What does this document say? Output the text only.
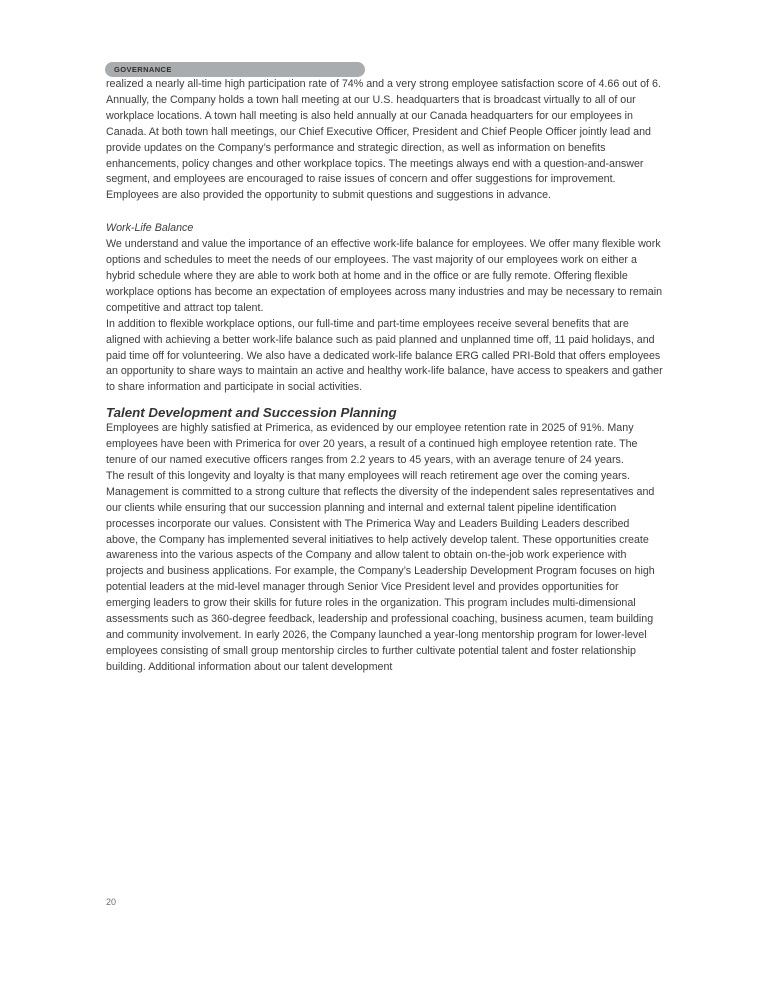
GOVERNANCE

realized a nearly all-time high participation rate of 74% and a very strong employee satisfaction score of 4.66 out of 6.

Annually, the Company holds a town hall meeting at our U.S. headquarters that is broadcast virtually to all of our workplace locations. A town hall meeting is also held annually at our Canada headquarters for our employees in Canada. At both town hall meetings, our Chief Executive Officer, President and Chief People Officer jointly lead and provide updates on the Company’s performance and strategic direction, as well as information on benefits enhancements, policy changes and other workplace topics. The meetings always end with a question-and-answer segment, and employees are encouraged to raise issues of concern and offer suggestions for improvement. Employees are also provided the opportunity to submit questions and suggestions in advance.

Work-Life Balance

We understand and value the importance of an effective work-life balance for employees. We offer many flexible work options and schedules to meet the needs of our employees. The vast majority of our employees work on either a hybrid schedule where they are able to work both at home and in the office or are fully remote. Offering flexible workplace options has become an expectation of employees across many industries and may be necessary to remain competitive and attract top talent.

In addition to flexible workplace options, our full-time and part-time employees receive several benefits that are aligned with achieving a better work-life balance such as paid planned and unplanned time off, 11 paid holidays, and paid time off for volunteering. We also have a dedicated work-life balance ERG called PRI-Bold that offers employees an opportunity to share ways to maintain an active and healthy work-life balance, have access to speakers and gather to share information and participate in social activities.

Talent Development and Succession Planning

Employees are highly satisfied at Primerica, as evidenced by our employee retention rate in 2025 of 91%. Many employees have been with Primerica for over 20 years, a result of a continued high employee retention rate. The tenure of our named executive officers ranges from 2.2 years to 45 years, with an average tenure of 24 years.

The result of this longevity and loyalty is that many employees will reach retirement age over the coming years. Management is committed to a strong culture that reflects the diversity of the independent sales representatives and our clients while ensuring that our succession planning and internal and external talent pipeline identification processes incorporate our values. Consistent with The Primerica Way and Leaders Building Leaders described above, the Company has implemented several initiatives to help actively develop talent. These opportunities create awareness into the various aspects of the Company and allow talent to obtain on-the-job work experience with projects and business applications. For example, the Company’s Leadership Development Program focuses on high potential leaders at the mid-level manager through Senior Vice President level and provides opportunities for emerging leaders to grow their skills for future roles in the organization. This program includes multi-dimensional assessments such as 360-degree feedback, leadership and professional coaching, business acumen, team building and community involvement. In early 2026, the Company launched a year-long mentorship program for lower-level employees consisting of small group mentorship circles to further cultivate potential talent and foster relationship building. Additional information about our talent development

20
